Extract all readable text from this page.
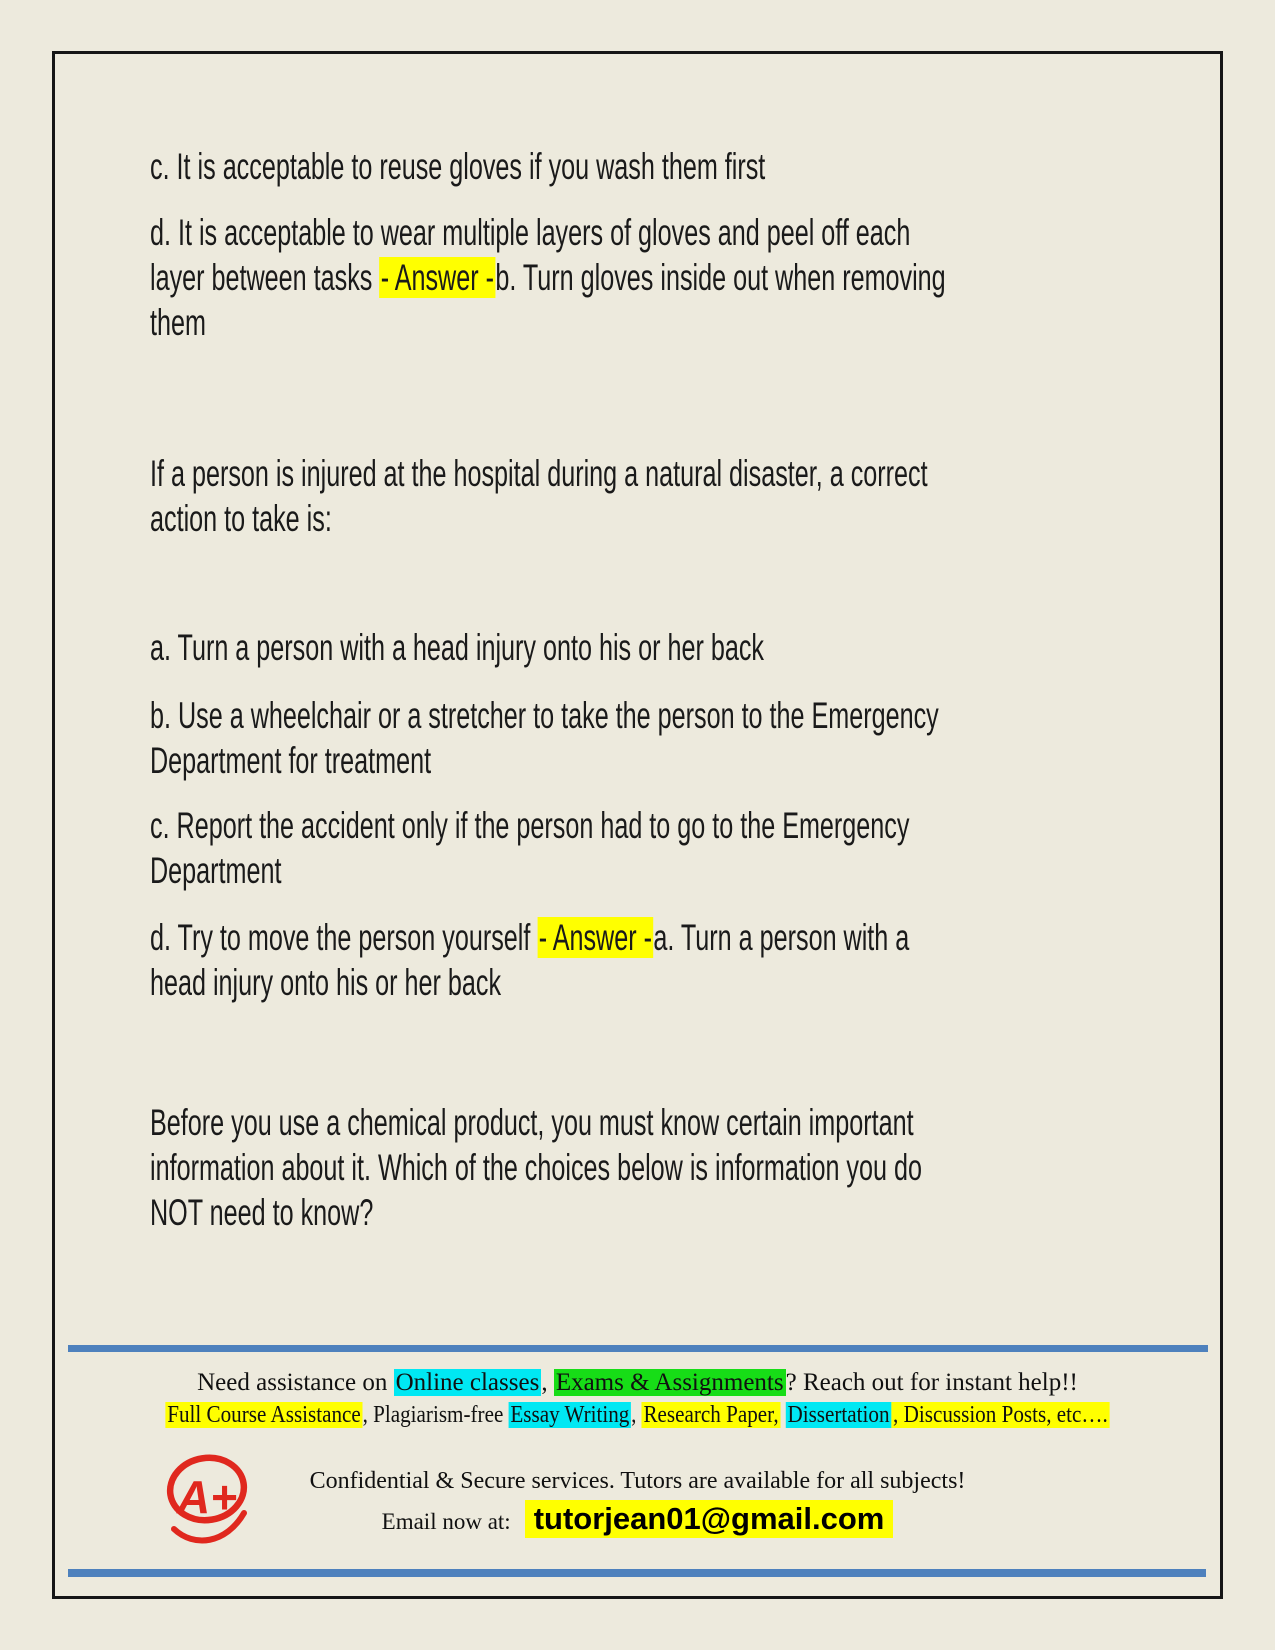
c. It is acceptable to reuse gloves if you wash them first
d. It is acceptable to wear multiple layers of gloves and peel off each
layer between tasks - Answer -b. Turn gloves inside out when removing
them
If a person is injured at the hospital during a natural disaster, a correct
action to take is:
a. Turn a person with a head injury onto his or her back
b. Use a wheelchair or a stretcher to take the person to the Emergency
Department for treatment
c. Report the accident only if the person had to go to the Emergency
Department
d. Try to move the person yourself - Answer -a. Turn a person with a
head injury onto his or her back
Before you use a chemical product, you must know certain important
information about it. Which of the choices below is information you do
NOT need to know?
Need assistance on Online classes, Exams & Assignments? Reach out for instant help!!
Full Course Assistance, Plagiarism-free Essay Writing, Research Paper, Dissertation , Discussion Posts, etc….
A+	Confidential & Secure services. Tutors are available for all subjects!
Email now at: tutorjean01@gmail.com
